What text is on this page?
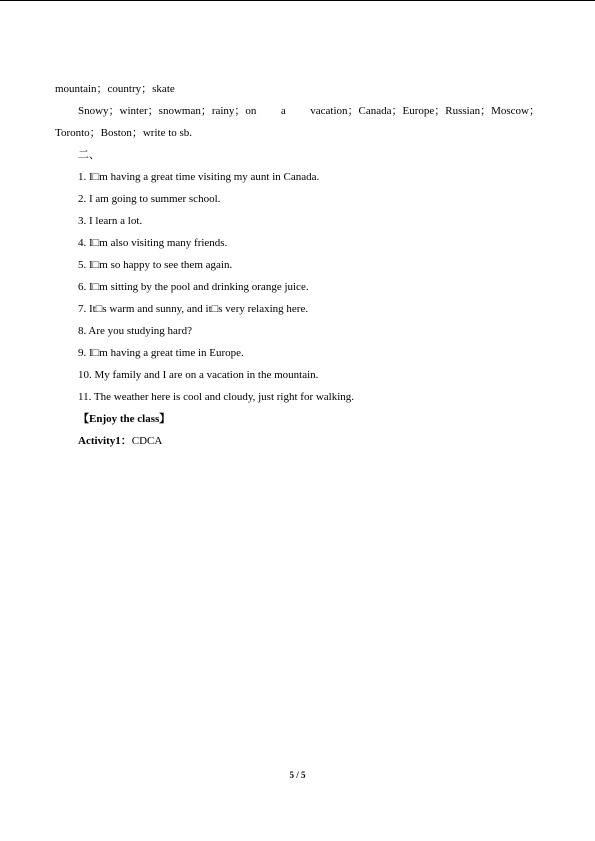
mountain；country；skate
Snowy；winter；snowman；rainy；on a vacation；Canada；Europe；Russian；Moscow；
Toronto；Boston；write to sb.
二、
1. I□m having a great time visiting my aunt in Canada.
2. I am going to summer school.
3. I learn a lot.
4. I□m also visiting many friends.
5. I□m so happy to see them again.
6. I□m sitting by the pool and drinking orange juice.
7. It□s warm and sunny, and it□s very relaxing here.
8. Are you studying hard?
9. I□m having a great time in Europe.
10. My family and I are on a vacation in the mountain.
11. The weather here is cool and cloudy, just right for walking.
【Enjoy the class】
Activity1：CDCA
5 / 5
